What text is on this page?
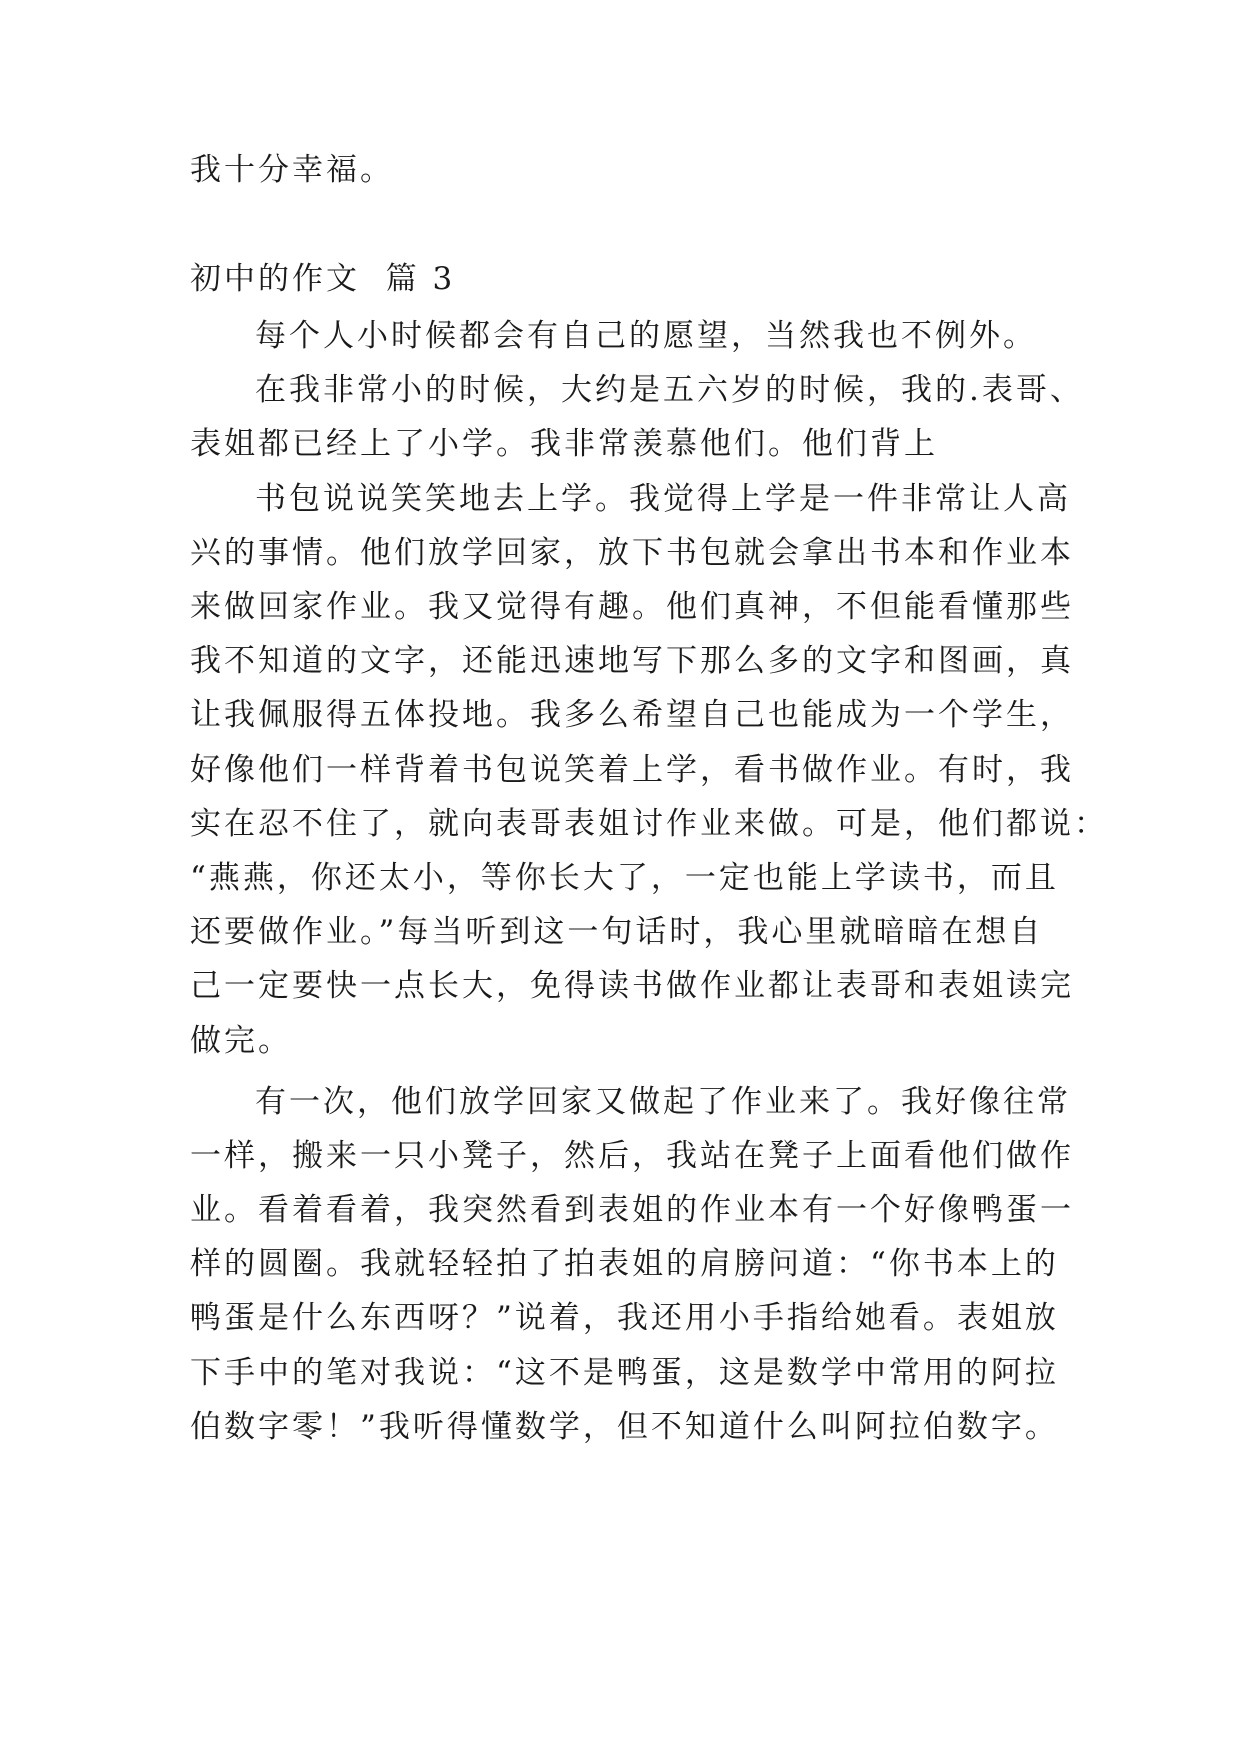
我十分幸福。

初中的作文  篇 3

每个人小时候都会有自己的愿望，当然我也不例外。

在我非常小的时候，大约是五六岁的时候，我的.表哥、

表姐都已经上了小学。我非常羡慕他们。他们背上

书包说说笑笑地去上学。我觉得上学是一件非常让人高

兴的事情。他们放学回家，放下书包就会拿出书本和作业本

来做回家作业。我又觉得有趣。他们真神，不但能看懂那些

我不知道的文字，还能迅速地写下那么多的文字和图画，真

让我佩服得五体投地。我多么希望自己也能成为一个学生，

好像他们一样背着书包说笑着上学，看书做作业。有时，我

实在忍不住了，就向表哥表姐讨作业来做。可是，他们都说：

“燕燕，你还太小，等你长大了，一定也能上学读书，而且

还要做作业。”每当听到这一句话时，我心里就暗暗在想自

己一定要快一点长大，免得读书做作业都让表哥和表姐读完

做完。

有一次，他们放学回家又做起了作业来了。我好像往常

一样，搬来一只小凳子，然后，我站在凳子上面看他们做作

业。看着看着，我突然看到表姐的作业本有一个好像鸭蛋一

样的圆圈。我就轻轻拍了拍表姐的肩膀问道：“你书本上的

鸭蛋是什么东西呀？”说着，我还用小手指给她看。表姐放

下手中的笔对我说：“这不是鸭蛋，这是数学中常用的阿拉

伯数字零！”我听得懂数学，但不知道什么叫阿拉伯数字。
